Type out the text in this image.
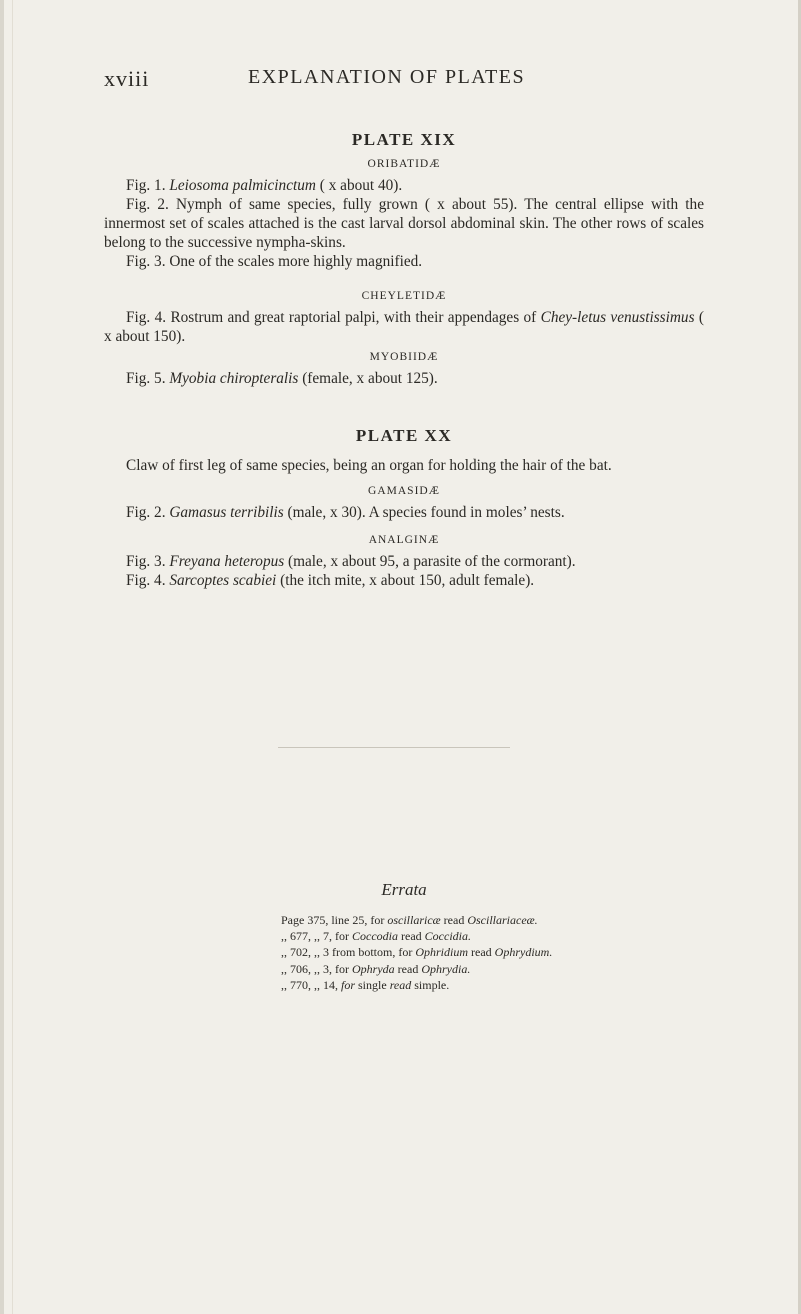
xviii	EXPLANATION OF PLATES
PLATE XIX
ORIBATIDÆ

Fig. 1. Leiosoma palmicinctum ( x about 40).

Fig. 2. Nymph of same species, fully grown ( x about 55). The central ellipse with the innermost set of scales attached is the cast larval dorsol abdominal skin. The other rows of scales belong to the successive nympha-skins.

Fig. 3. One of the scales more highly magnified.

CHEYLETIDÆ

Fig. 4. Rostrum and great raptorial palpi, with their appendages of Chey-letus venustissimus ( x about 150).

MYOBIIDÆ

Fig. 5. Myobia chiropteralis (female, x about 125).

PLATE XX

Claw of first leg of same species, being an organ for holding the hair of the bat.

GAMASIDÆ

Fig. 2. Gamasus terribilis (male, x 30). A species found in moles’ nests.

ANALGINÆ

Fig. 3. Freyana heteropus (male, x about 95, a parasite of the cormorant).

Fig. 4. Sarcoptes scabiei (the itch mite, x about 150, adult female).

Errata
Page 375, line 25, for oscillaricæ read Oscillariaceæ.
,, 677, ,, 7, for Coccodia read Coccidia.
,, 702, ,, 3 from bottom, for Ophridium read Ophrydium.
,, 706, ,, 3, for Ophryda read Ophrydia.
,, 770, ,, 14, for single read simple.
